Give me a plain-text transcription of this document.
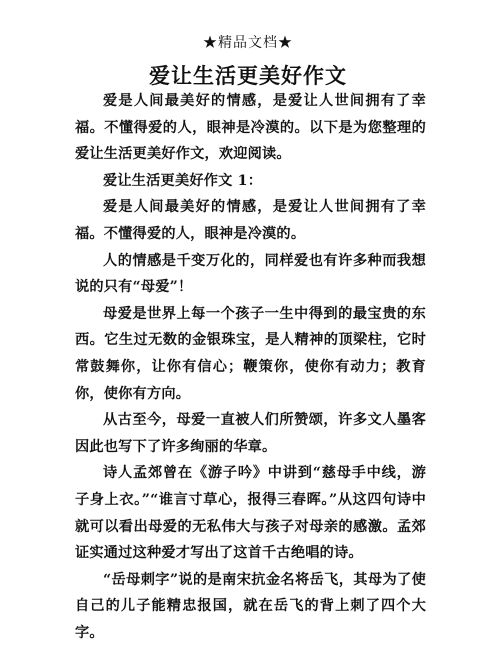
★精品文档★
爱让生活更美好作文

爱是人间最美好的情感，是爱让人世间拥有了幸福。不懂得爱的人，眼神是冷漠的。以下是为您整理的爱让生活更美好作文，欢迎阅读。

爱让生活更美好作文 1：

爱是人间最美好的情感，是爱让人世间拥有了幸福。不懂得爱的人，眼神是冷漠的。

人的情感是千变万化的，同样爱也有许多种而我想说的只有“母爱”！

母爱是世界上每一个孩子一生中得到的最宝贵的东西。它生过无数的金银珠宝，是人精神的顶梁柱，它时常鼓舞你，让你有信心；鞭策你，使你有动力；教育你，使你有方向。

从古至今，母爱一直被人们所赞颂，许多文人墨客因此也写下了许多绚丽的华章。

诗人孟郊曾在《游子吟》中讲到“慈母手中线，游子身上衣。”“谁言寸草心，报得三春晖。”从这四句诗中就可以看出母爱的无私伟大与孩子对母亲的感激。孟郊证实通过这种爱才写出了这首千古绝唱的诗。

“岳母刺字”说的是南宋抗金名将岳飞，其母为了使自己的儿子能精忠报国，就在岳飞的背上刺了四个大字。
